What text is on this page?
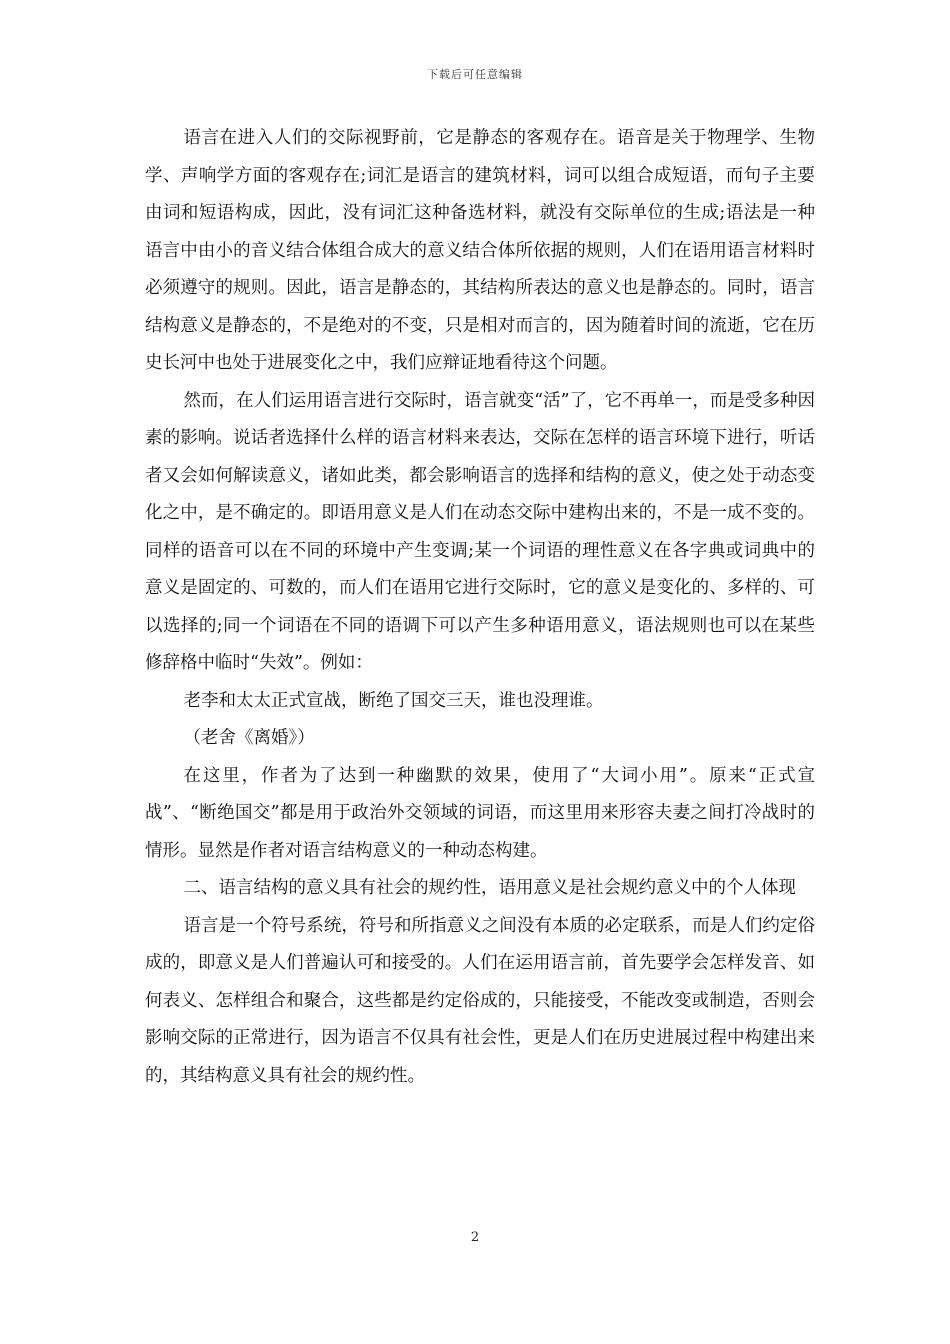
下载后可任意编辑

语言在进入人们的交际视野前，它是静态的客观存在。语音是关于物理学、生物学、声响学方面的客观存在;词汇是语言的建筑材料，词可以组合成短语，而句子主要由词和短语构成，因此，没有词汇这种备选材料，就没有交际单位的生成;语法是一种语言中由小的音义结合体组合成大的意义结合体所依据的规则，人们在语用语言材料时必须遵守的规则。因此，语言是静态的，其结构所表达的意义也是静态的。同时，语言结构意义是静态的，不是绝对的不变，只是相对而言的，因为随着时间的流逝，它在历史长河中也处于进展变化之中，我们应辩证地看待这个问题。

然而，在人们运用语言进行交际时，语言就变“活”了，它不再单一，而是受多种因素的影响。说话者选择什么样的语言材料来表达，交际在怎样的语言环境下进行，听话者又会如何解读意义，诸如此类，都会影响语言的选择和结构的意义，使之处于动态变化之中，是不确定的。即语用意义是人们在动态交际中建构出来的，不是一成不变的。同样的语音可以在不同的环境中产生变调;某一个词语的理性意义在各字典或词典中的意义是固定的、可数的，而人们在语用它进行交际时，它的意义是变化的、多样的、可以选择的;同一个词语在不同的语调下可以产生多种语用意义，语法规则也可以在某些修辞格中临时“失效”。例如：

老李和太太正式宣战，断绝了国交三天，谁也没理谁。

（老舍《离婚》）

在这里，作者为了达到一种幽默的效果，使用了“大词小用”。原来“正式宣战”、“断绝国交”都是用于政治外交领域的词语，而这里用来形容夫妻之间打冷战时的情形。显然是作者对语言结构意义的一种动态构建。

二、语言结构的意义具有社会的规约性，语用意义是社会规约意义中的个人体现

语言是一个符号系统，符号和所指意义之间没有本质的必定联系，而是人们约定俗成的，即意义是人们普遍认可和接受的。人们在运用语言前，首先要学会怎样发音、如何表义、怎样组合和聚合，这些都是约定俗成的，只能接受，不能改变或制造，否则会影响交际的正常进行，因为语言不仅具有社会性，更是人们在历史进展过程中构建出来的，其结构意义具有社会的规约性。

2
